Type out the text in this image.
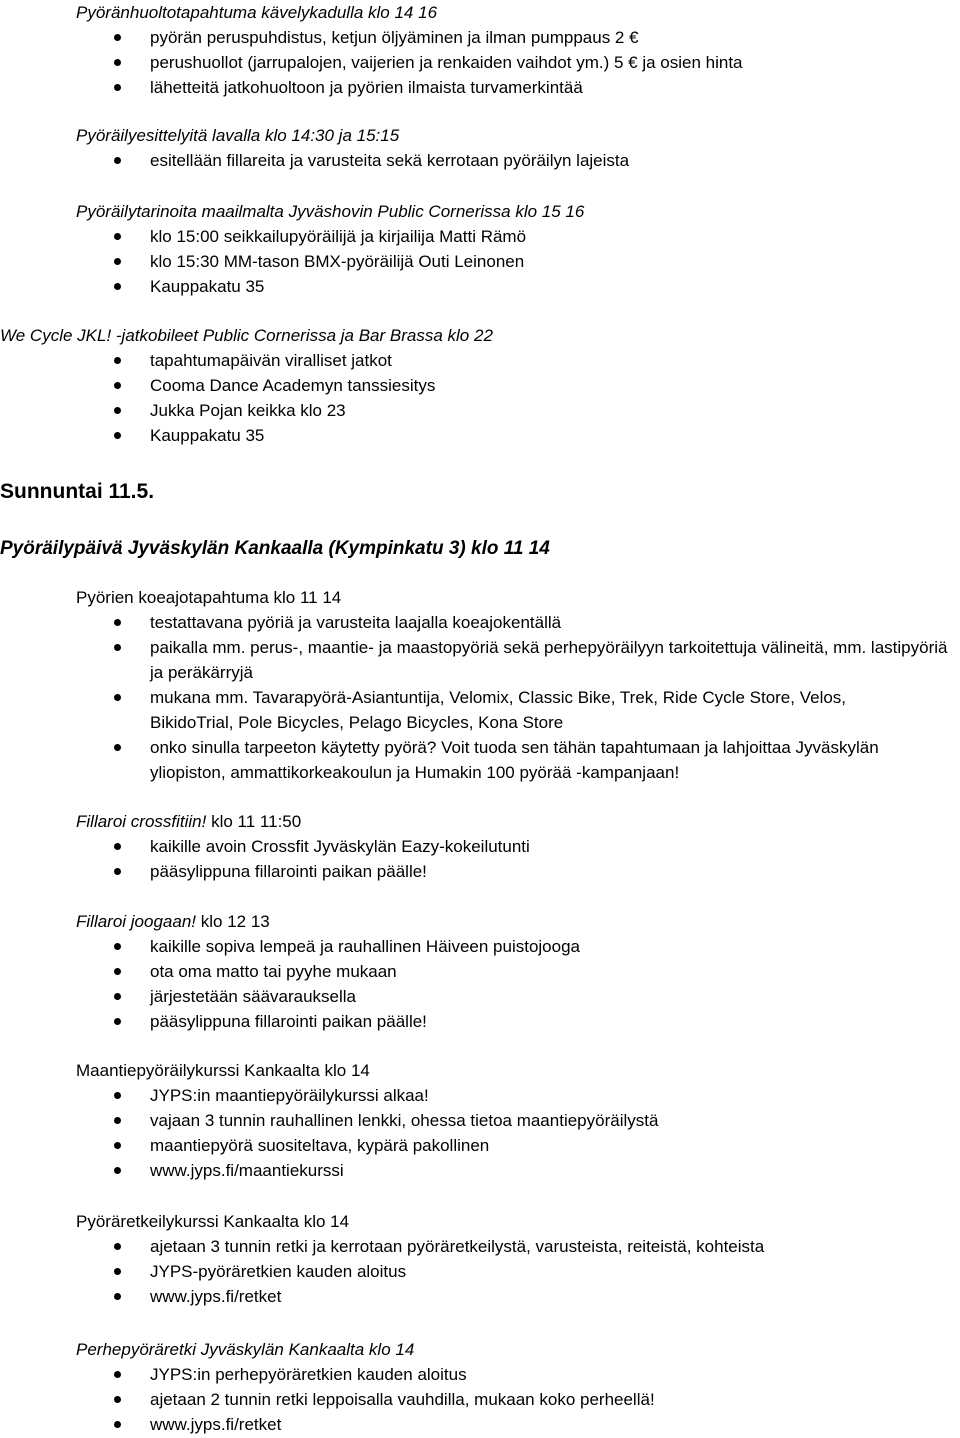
Pyöränhuoltotapahtuma kävelykadulla klo 14 16
pyörän peruspuhdistus, ketjun öljyäminen ja ilman pumppaus 2 €
perushuollot (jarrupalojen, vaijerien ja renkaiden vaihdot ym.) 5 € ja osien hinta
lähetteitä jatkohuoltoon ja pyörien ilmaista turvamerkintää
Pyöräilyesittelyitä lavalla klo 14:30 ja 15:15
esitellään fillareita ja varusteita sekä kerrotaan pyöräilyn lajeista
Pyöräilytarinoita maailmalta Jyväshovin Public Cornerissa klo 15 16
klo 15:00 seikkailupyöräilijä ja kirjailija Matti Rämö
klo 15:30 MM-tason BMX-pyöräilijä Outi Leinonen
Kauppakatu 35
We Cycle JKL! -jatkobileet Public Cornerissa ja Bar Brassa klo 22
tapahtumapäivän viralliset jatkot
Cooma Dance Academyn tanssiesitys
Jukka Pojan keikka klo 23
Kauppakatu 35
Sunnuntai 11.5.
Pyöräilypäivä Jyväskylän Kankaalla (Kympinkatu 3) klo 11 14
Pyörien koeajotapahtuma klo 11 14
testattavana pyöriä ja varusteita laajalla koeajokentällä
paikalla mm. perus-, maantie- ja maastopyöriä sekä perhepyöräilyyn tarkoitettuja välineitä, mm. lastipyöriä ja peräkärryjä
mukana mm. Tavarapyörä-Asiantuntija, Velomix, Classic Bike, Trek, Ride Cycle Store, Velos, BikidoTrial, Pole Bicycles, Pelago Bicycles, Kona Store
onko sinulla tarpeeton käytetty pyörä? Voit tuoda sen tähän tapahtumaan ja lahjoittaa Jyväskylän yliopiston, ammattikorkeakoulun ja Humakin 100 pyörää -kampanjaan!
Fillaroi crossfitiin! klo 11 11:50
kaikille avoin Crossfit Jyväskylän Eazy-kokeilutunti
pääsylippuna fillarointi paikan päälle!
Fillaroi joogaan! klo 12 13
kaikille sopiva lempeä ja rauhallinen Häiveen puistojooga
ota oma matto tai pyyhe mukaan
järjestetään säävarauksella
pääsylippuna fillarointi paikan päälle!
Maantiepyöräilykurssi Kankaalta klo 14
JYPS:in maantiepyöräilykurssi alkaa!
vajaan 3 tunnin rauhallinen lenkki, ohessa tietoa maantiepyöräilystä
maantiepyörä suositeltava, kypärä pakollinen
www.jyps.fi/maantiekurssi
Pyöräretkeilykurssi Kankaalta klo 14
ajetaan 3 tunnin retki ja kerrotaan pyöräretkeilystä, varusteista, reiteistä, kohteista
JYPS-pyöräretkien kauden aloitus
www.jyps.fi/retket
Perhepyöräretki Jyväskylän Kankaalta klo 14
JYPS:in perhepyöräretkien kauden aloitus
ajetaan 2 tunnin retki leppoisalla vauhdilla, mukaan koko perheellä!
www.jyps.fi/retket
